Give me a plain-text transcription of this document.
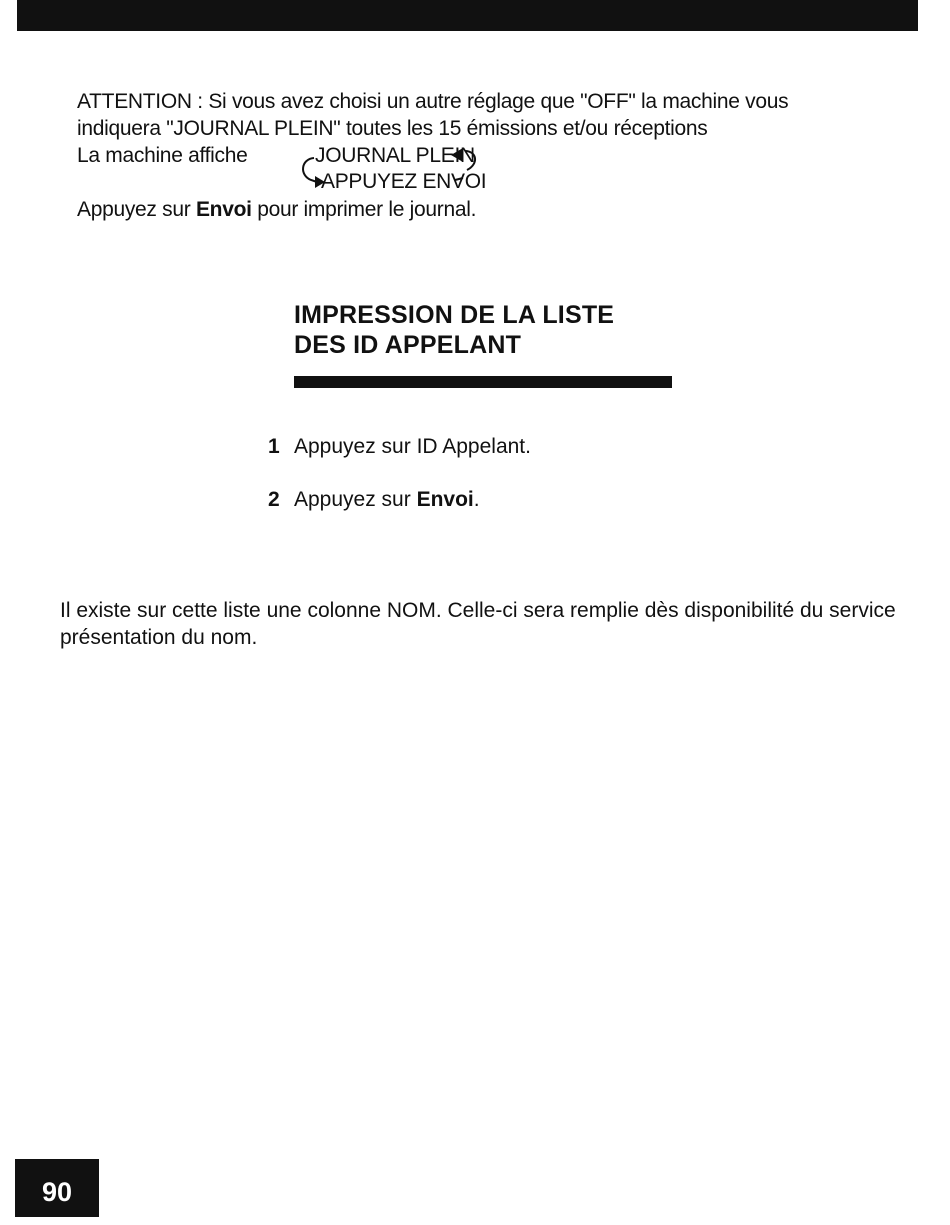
ATTENTION : Si vous avez choisi un autre réglage que "OFF" la machine vous

indiquera "JOURNAL PLEIN" toutes les 15 émissions et/ou réceptions

La machine affiche	JOURNAL PLEIN
APPUYEZ ENVOI

Appuyez sur Envoi pour imprimer le journal.

IMPRESSION DE LA LISTE
DES ID APPELANT
1 Appuyez sur ID Appelant.
2 Appuyez sur Envoi.
Il existe sur cette liste une colonne NOM. Celle-ci sera remplie dès disponibilité du service présentation du nom.
90
